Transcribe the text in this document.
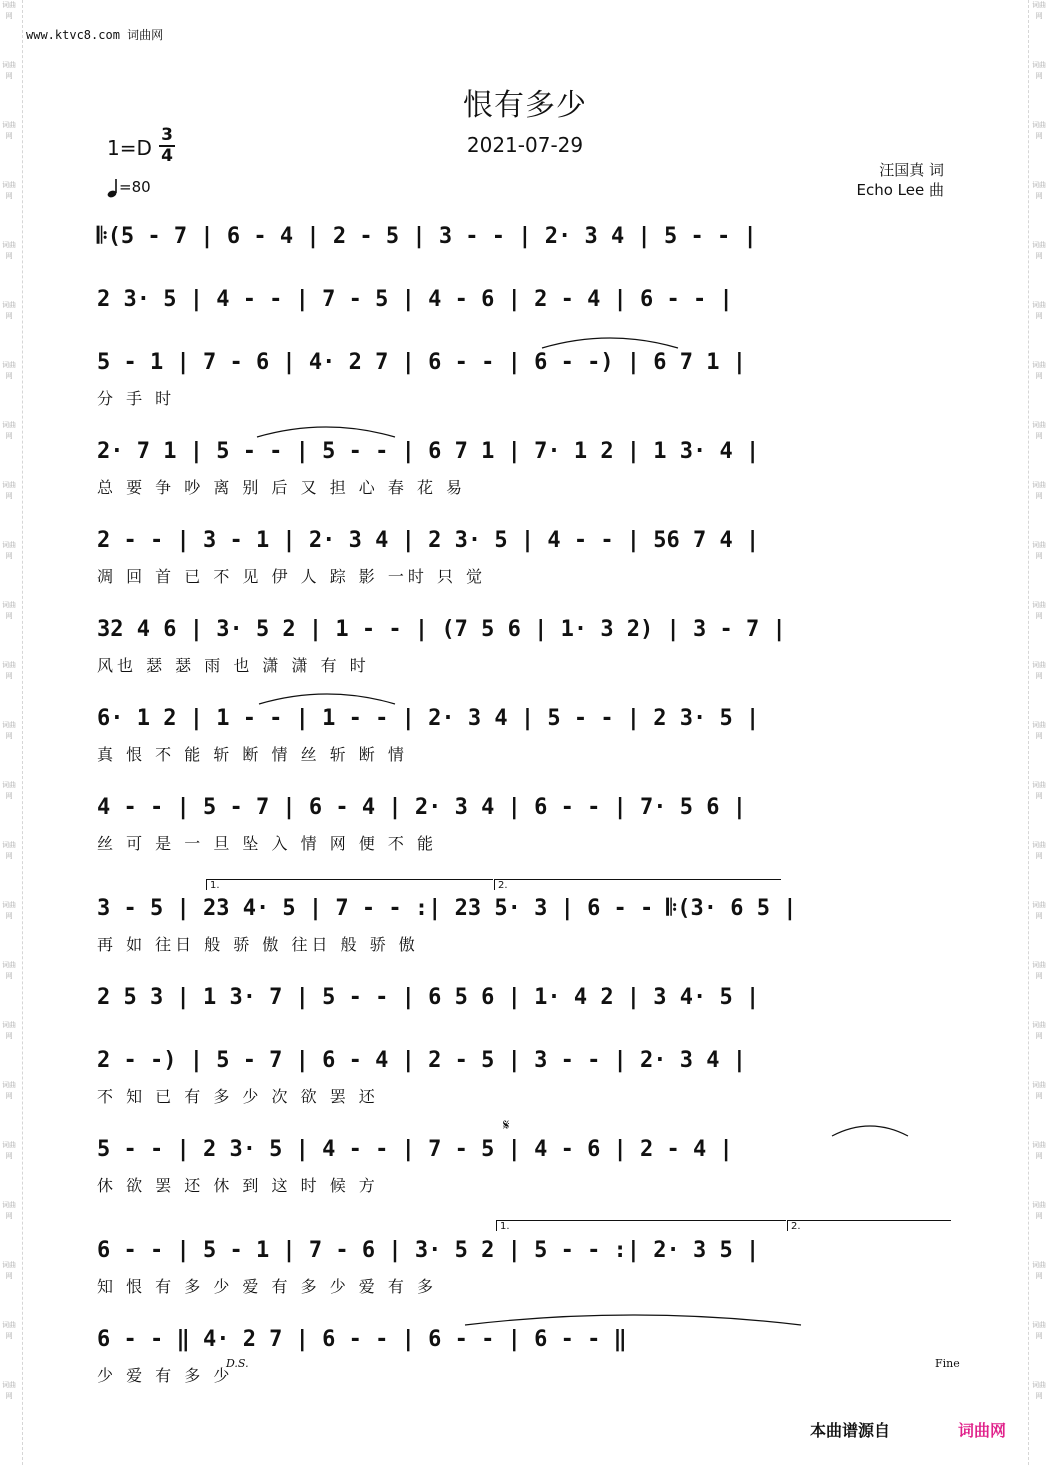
词曲网
词曲网
词曲网
词曲网
词曲网
词曲网
词曲网
词曲网
词曲网
词曲网
词曲网
词曲网
词曲网
词曲网
词曲网
词曲网
词曲网
词曲网
词曲网
词曲网
词曲网
词曲网
词曲网
词曲网
词曲网
词曲网
词曲网
词曲网
词曲网
词曲网
词曲网
词曲网
词曲网
词曲网
词曲网
词曲网
词曲网
词曲网
词曲网
词曲网
词曲网
词曲网
词曲网
词曲网
词曲网
词曲网
词曲网
词曲网
www.ktvc8.com 词曲网
恨有多少
2021-07-29
1=D
3
4
=80
汪国真 词
Echo Lee 曲
𝄆(5 - 7 | 6 - 4 | 2 - 5 | 3 - - | 2· 3 4 | 5 - - |
2 3· 5 | 4 - - | 7 - 5 | 4 - 6 | 2 - 4 | 6 - - |
5 - 1 | 7 - 6 | 4· 2 7 | 6 - - | 6 - -) | 6 7 1 |
分 手 时
2· 7 1 | 5 - - | 5 - - | 6 7 1 | 7· 1 2 | 1 3· 4 |
总 要 争 吵 离 别 后 又 担 心 春 花 易
2 - - | 3 - 1 | 2· 3 4 | 2 3· 5 | 4 - - | 56 7 4 |
凋 回 首 已 不 见 伊 人 踪 影 一时 只 觉
32 4 6 | 3· 5 2 | 1 - - | (7 5 6 | 1· 3 2) | 3 - 7 |
风也 瑟 瑟 雨 也 潇 潇 有 时
6· 1 2 | 1 - - | 1 - - | 2· 3 4 | 5 - - | 2 3· 5 |
真 恨 不 能 斩 断 情 丝 斩 断 情
4 - - | 5 - 7 | 6 - 4 | 2· 3 4 | 6 - - | 7· 5 6 |
丝 可 是 一 旦 坠 入 情 网 便 不 能
3 - 5 | 23 4· 5 | 7 - - :| 23 5· 3 | 6 - - 𝄆(3· 6 5 |
再 如 往日 般 骄 傲 往日 般 骄 傲
2 5 3 | 1 3· 7 | 5 - - | 6 5 6 | 1· 4 2 | 3 4· 5 |
2 - -) | 5 - 7 | 6 - 4 | 2 - 5 | 3 - - | 2· 3 4 |
不 知 已 有 多 少 次 欲 罢 还
5 - - | 2 3· 5 | 4 - - | 7 - 5 | 4 - 6 | 2 - 4 |
休 欲 罢 还 休 到 这 时 候 方
6 - - | 5 - 1 | 7 - 6 | 3· 5 2 | 5 - - :| 2· 3 5 |
知 恨 有 多 少 爱 有 多 少 爱 有 多
6 - - ‖ 4· 2 7 | 6 - - | 6 - - | 6 - - ‖
少 爱 有 多 少
1.	2.
1.	2.
D.S.	Fine
𝄋
本曲谱源自	词曲网
